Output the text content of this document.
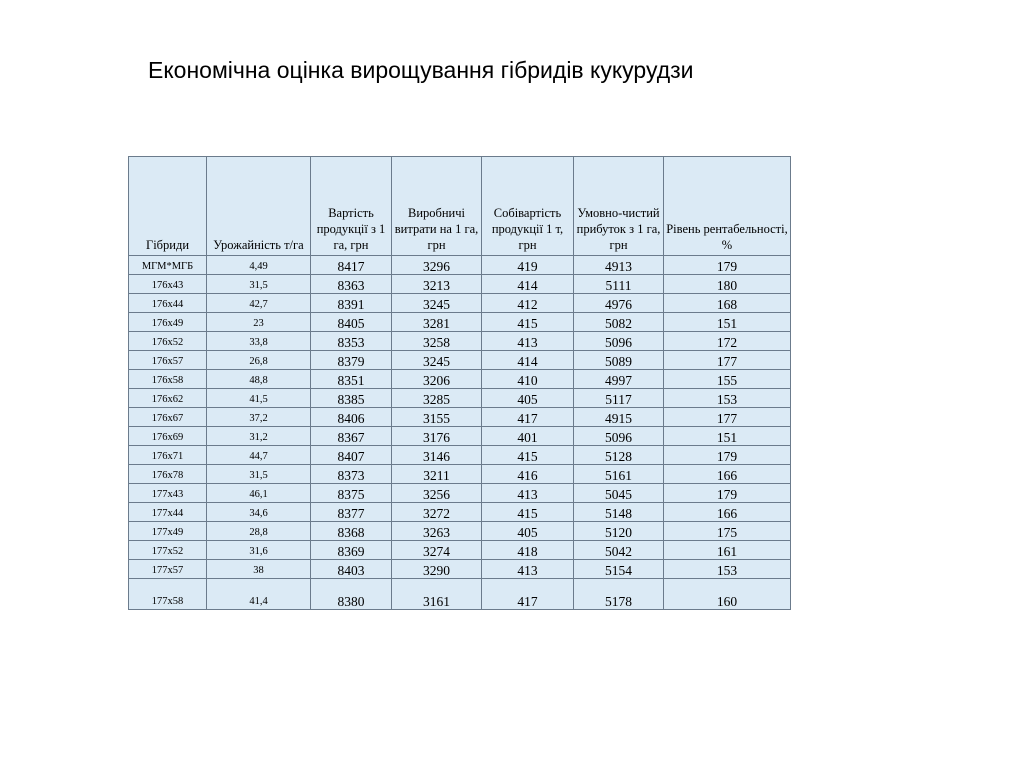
Економічна оцінка вирощування гібридів кукурудзи
Гібриди	Урожайність т/га	Вартість продукції з 1 га, грн	Виробничі витрати на 1 га, грн	Собівартість продукції 1 т, грн	Умовно-чистий прибуток з 1 га, грн	Рівень рентабельності, %
МГМ*МГБ	4,49	8417	3296	419	4913	179
176х43	31,5	8363	3213	414	5111	180
176х44	42,7	8391	3245	412	4976	168
176х49	23	8405	3281	415	5082	151
176х52	33,8	8353	3258	413	5096	172
176х57	26,8	8379	3245	414	5089	177
176х58	48,8	8351	3206	410	4997	155
176х62	41,5	8385	3285	405	5117	153
176х67	37,2	8406	3155	417	4915	177
176х69	31,2	8367	3176	401	5096	151
176х71	44,7	8407	3146	415	5128	179
176х78	31,5	8373	3211	416	5161	166
177х43	46,1	8375	3256	413	5045	179
177х44	34,6	8377	3272	415	5148	166
177х49	28,8	8368	3263	405	5120	175
177х52	31,6	8369	3274	418	5042	161
177х57	38	8403	3290	413	5154	153
177х58	41,4	8380	3161	417	5178	160
